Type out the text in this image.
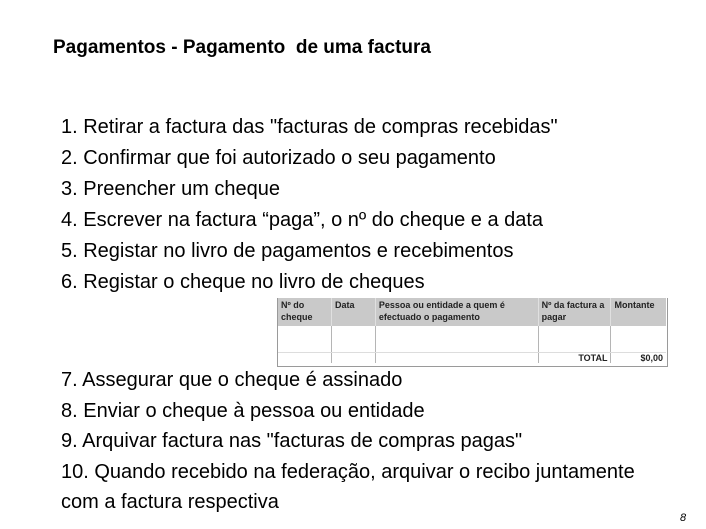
Pagamentos - Pagamento  de uma factura
1. Retirar a factura das "facturas de compras recebidas"
2. Confirmar que foi autorizado o seu pagamento
3. Preencher um cheque
4. Escrever na factura “paga”, o nº do cheque e a data
5. Registar no livro de pagamentos e recebimentos
6. Registar o cheque no livro de cheques
Nº do cheque	Data	Pessoa ou entidade a quem é efectuado o pagamento	Nº da factura a pagar	Montante

			TOTAL	$0,00
7. Assegurar que o cheque é assinado
8. Enviar o cheque à pessoa ou entidade
9. Arquivar factura nas "facturas de compras pagas"
10. Quando recebido na federação, arquivar o recibo juntamente com a factura respectiva
8
